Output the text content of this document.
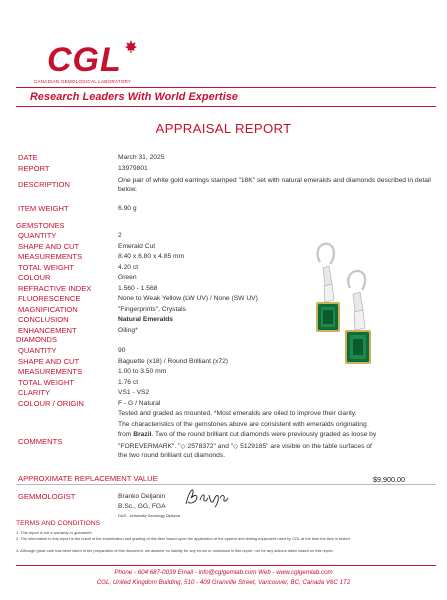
CGL
CANADIAN GEMOLOGICAL LABORATORY
Research Leaders With World Expertise
APPRAISAL REPORT
DATE	March 31, 2025
REPORT	13979801
DESCRIPTION	One pair of white gold earrings stamped "18K" set with natural emeralds and diamonds described in detail below.
ITEM WEIGHT	6.90 g
GEMSTONES
QUANTITY	2
SHAPE AND CUT	Emerald Cut
MEASUREMENTS	8.40 x 6.80 x 4.85 mm
TOTAL WEIGHT	4.20 ct
COLOUR	Green
REFRACTIVE INDEX	1.560 - 1.568
FLUORESCENCE	None to Weak Yellow (LW UV) / None (SW UV)
MAGNIFICATION	"Fingerprints", Crystals
CONCLUSION	Natural Emeralds
ENHANCEMENT	Oiling*
DIAMONDS
QUANTITY	90
SHAPE AND CUT	Baguette (x18) / Round Brilliant (x72)
MEASUREMENTS	1.00 to 3.50 mm
TOTAL WEIGHT	1.76 ct
CLARITY	VS1 - VS2
COLOUR / ORIGIN	F - G / Natural
COMMENTS
Tested and graded as mounted. *Most emeralds are oiled to improve their clarity.
The characteristics of the gemstones above are consistent with emeralds originating
from Brazil. Two of the round brilliant cut diamonds were previously graded as loose by
"FOREVERMARK". "◇ 2578372" and "◇ 5129185" are visible on the table surfaces of
the two round brilliant cut diamonds.
APPROXIMATE REPLACEMENT VALUE	$9,900.00
GEMMOLOGIST	Branko Deljanin
B.Sc., GG, FGA
DUG - University Gemology Diploma
TERMS AND CONDITIONS
1. This report is not a warranty or guarantee.
2. The information in this report is the result of the examination and grading of this item based upon the application of the system and testing equipment used by CGL at the time the item is tested.
3. Although great care has been taken in the preparation of this document, we assume no liability for any errors or omissions in this report, nor for any actions taken based on this report.
Phone - 604 687-0039 Email - info@cglgemlab.com Web - www.cglgemlab.com
CGL, United Kingdom Building, 510 - 409 Granville Street, Vancouver, BC, Canada V6C 1T2
